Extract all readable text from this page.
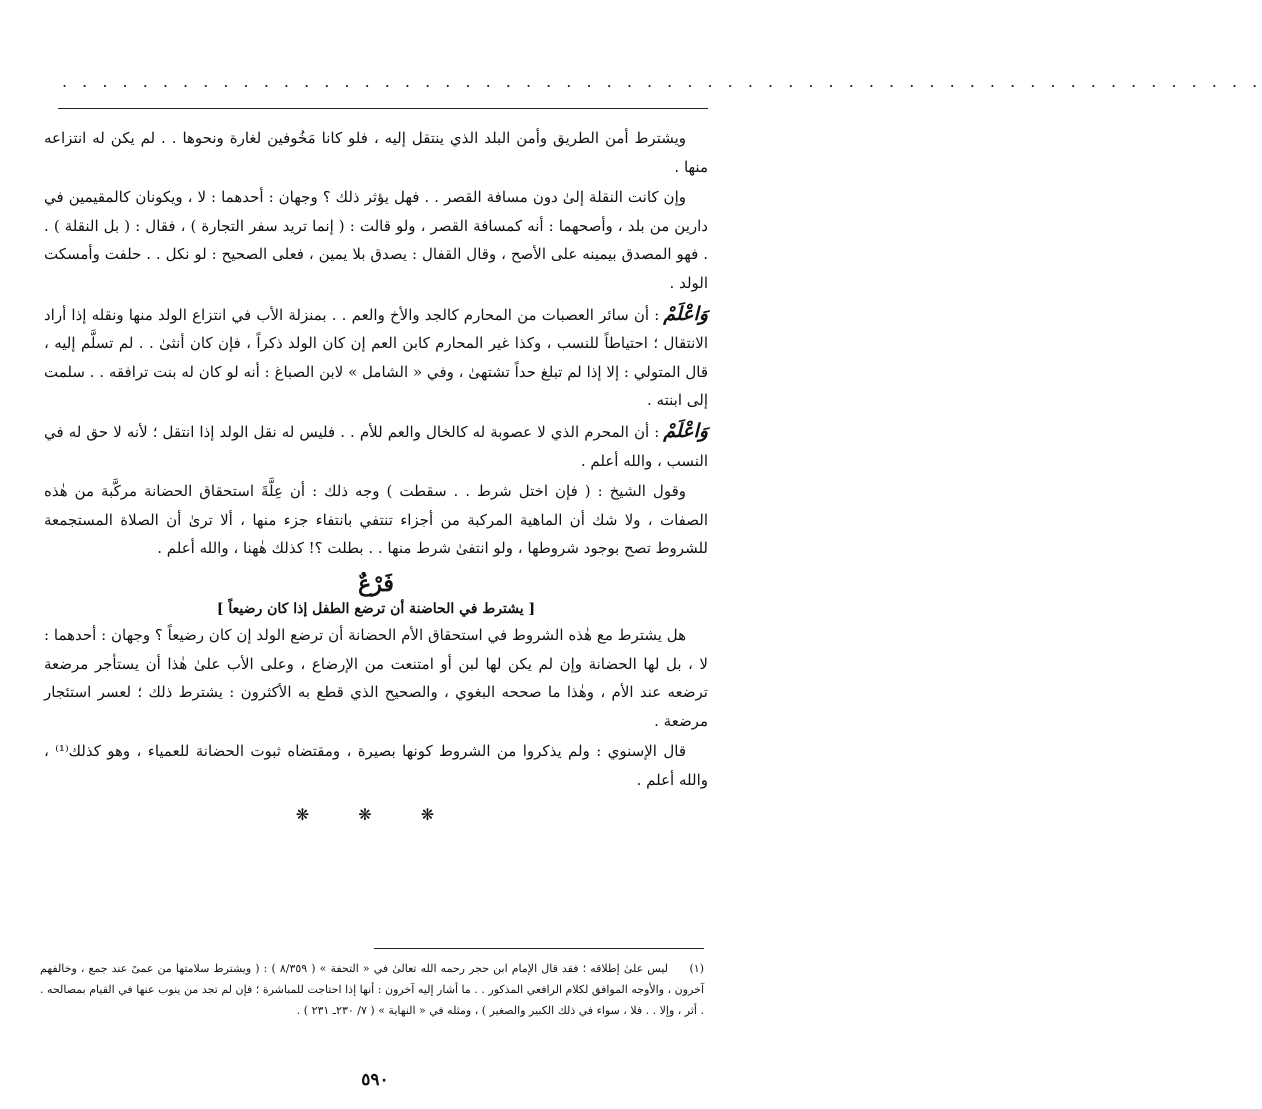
. . . . . . . . . . . . . . . . . . . . . . . . . . . . . . . . . . . . . . . . . . . . . . . . . . . . . . . . . . . .

ويشترط أمن الطريق وأمن البلد الذي ينتقل إليه ، فلو كانا مَخُوفين لغارة ونحوها . . لم يكن له انتزاعه منها .

وإن كانت النقلة إلىٰ دون مسافة القصر . . فهل يؤثر ذلك ؟ وجهان : أحدهما : لا ، ويكونان كالمقيمين في دارين من بلد ، وأصحهما : أنه كمسافة القصر ، ولو قالت : ( إنما تريد سفر التجارة ) ، فقال : ( بل النقلة ) . . فهو المصدق بيمينه على الأصح ، وقال القفال : يصدق بلا يمين ، فعلى الصحيح : لو نكل . . حلفت وأمسكت الولد .

وَاعْلَمْ: أن سائر العصبات من المحارم كالجد والأخ والعم . . بمنزلة الأب في انتزاع الولد منها ونقله إذا أراد الانتقال ؛ احتياطاً للنسب ، وكذا غير المحارم كابن العم إن كان الولد ذكراً ، فإن كان أنثىٰ . . لم تسلَّم إليه ، قال المتولي : إلا إذا لم تبلغ حداً تشتهىٰ ، وفي « الشامل » لابن الصباغ : أنه لو كان له بنت ترافقه . . سلمت إلى ابنته .

وَاعْلَمْ: أن المحرم الذي لا عصوبة له كالخال والعم للأم . . فليس له نقل الولد إذا انتقل ؛ لأنه لا حق له في النسب ، والله أعلم .

وقول الشيخ : ( فإن اختل شرط . . سقطت ) وجه ذلك : أن عِلَّةَ استحقاق الحضانة مركَّبة من هٰذه الصفات ، ولا شك أن الماهية المركبة من أجزاء تنتفي بانتفاء جزء منها ، ألا ترىٰ أن الصلاة المستجمعة للشروط تصح بوجود شروطها ، ولو انتفىٰ شرط منها . . بطلت ؟! كذلك هٰهنا ، والله أعلم .

فَرْعٌ
[ يشترط في الحاضنة أن ترضع الطفل إذا كان رضيعاً ]

هل يشترط مع هٰذه الشروط في استحقاق الأم الحضانة أن ترضع الولد إن كان رضيعاً ؟ وجهان : أحدهما : لا ، بل لها الحضانة وإن لم يكن لها لبن أو امتنعت من الإرضاع ، وعلى الأب علىٰ هٰذا أن يستأجر مرضعة ترضعه عند الأم ، وهٰذا ما صححه البغوي ، والصحيح الذي قطع به الأكثرون : يشترط ذلك ؛ لعسر استئجار مرضعة .

قال الإسنوي : ولم يذكروا من الشروط كونها بصيرة ، ومقتضاه ثبوت الحضانة للعمياء ، وهو كذلك⁽¹⁾ ، والله أعلم .

❋ ❋ ❋
(١)ليس علىٰ إطلاقه ؛ فقد قال الإمام ابن حجر رحمه الله تعالىٰ في « التحفة » ( ٨/٣٥٩ ) : ( ويشترط سلامتها من عمىً عند جمع ، وخالفهم آخرون ، والأوجه الموافق لكلام الرافعي المذكور . . ما أشار إليه آخرون : أنها إذا احتاجت للمباشرة ؛ فإن لم تجد من ينوب عنها في القيام بمصالحه . . أثر ، وإلا . . فلا ، سواء في ذلك الكبير والصغير ) ، ومثله في « النهاية » ( ٧/ ٢٣٠ـ ٢٣١ ) .
٥٩٠
